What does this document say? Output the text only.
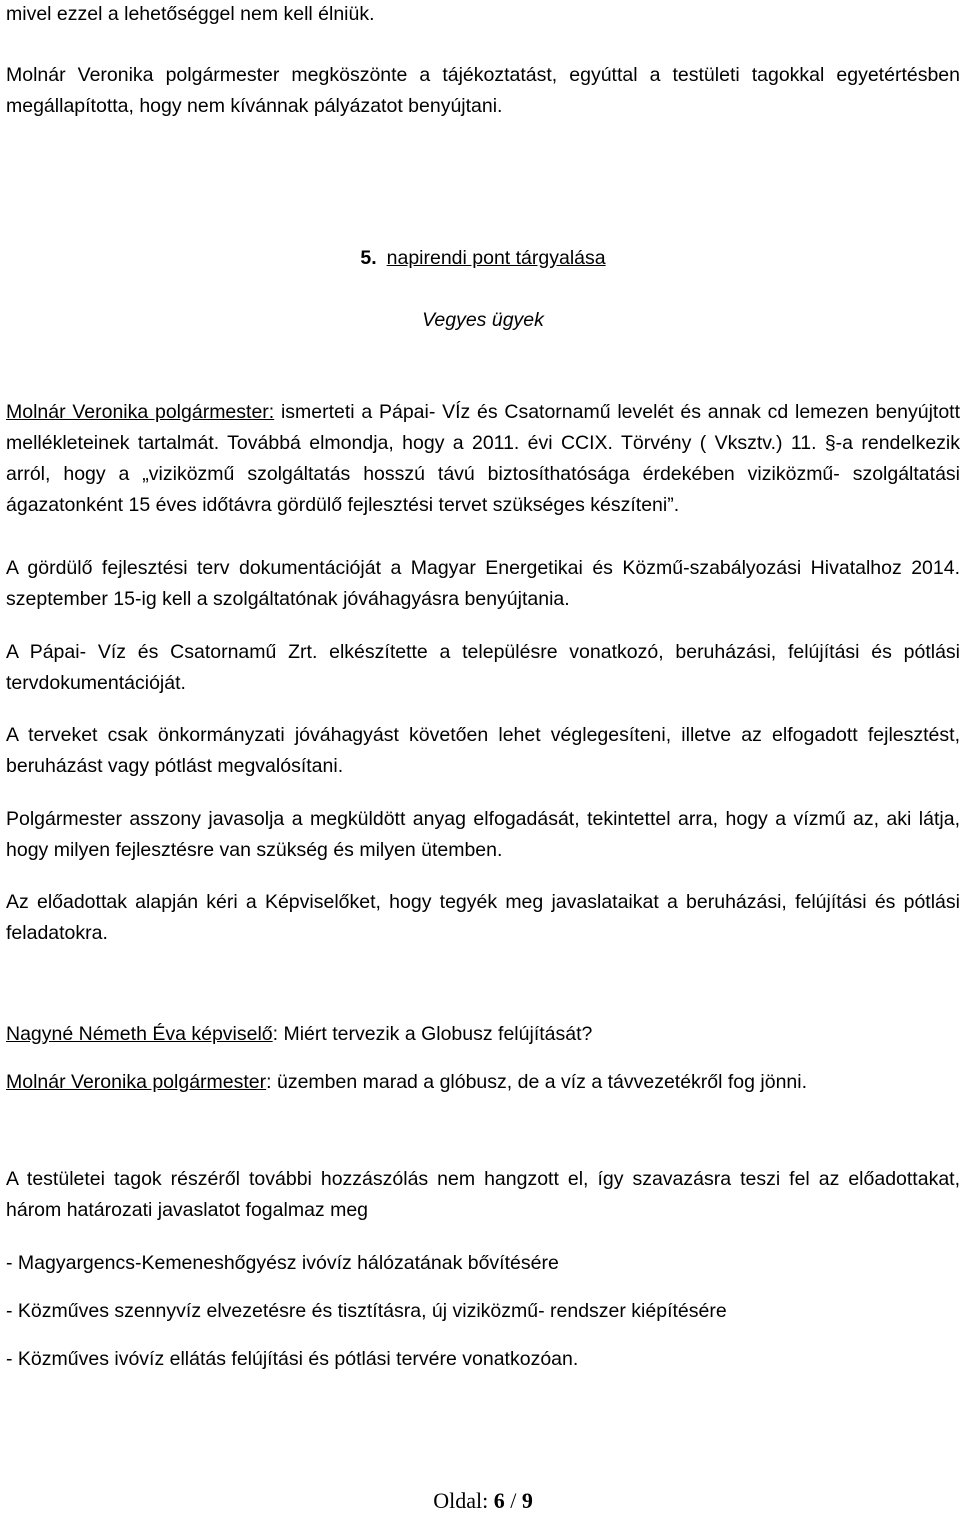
mivel ezzel a lehetőséggel nem kell élniük.

Molnár Veronika polgármester megköszönte a tájékoztatást, egyúttal a testületi tagokkal egyetértésben megállapította, hogy nem kívánnak pályázatot benyújtani.

5. napirendi pont tárgyalása

Vegyes ügyek

Molnár Veronika polgármester: ismerteti a Pápai- VÍz és Csatornamű levelét és annak cd lemezen benyújtott mellékleteinek tartalmát. Továbbá elmondja, hogy a 2011. évi CCIX. Törvény ( Vksztv.) 11. §-a rendelkezik arról, hogy a „viziközmű szolgáltatás hosszú távú biztosíthatósága érdekében viziközmű- szolgáltatási ágazatonként 15 éves időtávra gördülő fejlesztési tervet szükséges készíteni”.

A gördülő fejlesztési terv dokumentációját a Magyar Energetikai és Közmű-szabályozási Hivatalhoz 2014. szeptember 15-ig kell a szolgáltatónak jóváhagyásra benyújtania.

A Pápai- Víz és Csatornamű Zrt. elkészítette a településre vonatkozó, beruházási, felújítási és pótlási tervdokumentációját.

A terveket csak önkormányzati jóváhagyást követően lehet véglegesíteni, illetve az elfogadott fejlesztést, beruházást vagy pótlást megvalósítani.

Polgármester asszony javasolja a megküldött anyag elfogadását, tekintettel arra, hogy a vízmű az, aki látja, hogy milyen fejlesztésre van szükség és milyen ütemben.

Az előadottak alapján kéri a Képviselőket, hogy tegyék meg javaslataikat a beruházási, felújítási és pótlási feladatokra.

Nagyné Németh Éva képviselő: Miért tervezik a Globusz felújítását?

Molnár Veronika polgármester: üzemben marad a glóbusz, de a víz a távvezetékről fog jönni.

A testületei tagok részéről további hozzászólás nem hangzott el, így szavazásra teszi fel az előadottakat, három határozati javaslatot fogalmaz meg

- Magyargencs-Kemeneshőgyész ivóvíz hálózatának bővítésére

- Közműves szennyvíz elvezetésre és tisztításra, új viziközmű- rendszer kiépítésére

- Közműves ivóvíz ellátás felújítási és pótlási tervére vonatkozóan.

Oldal: 6 / 9
